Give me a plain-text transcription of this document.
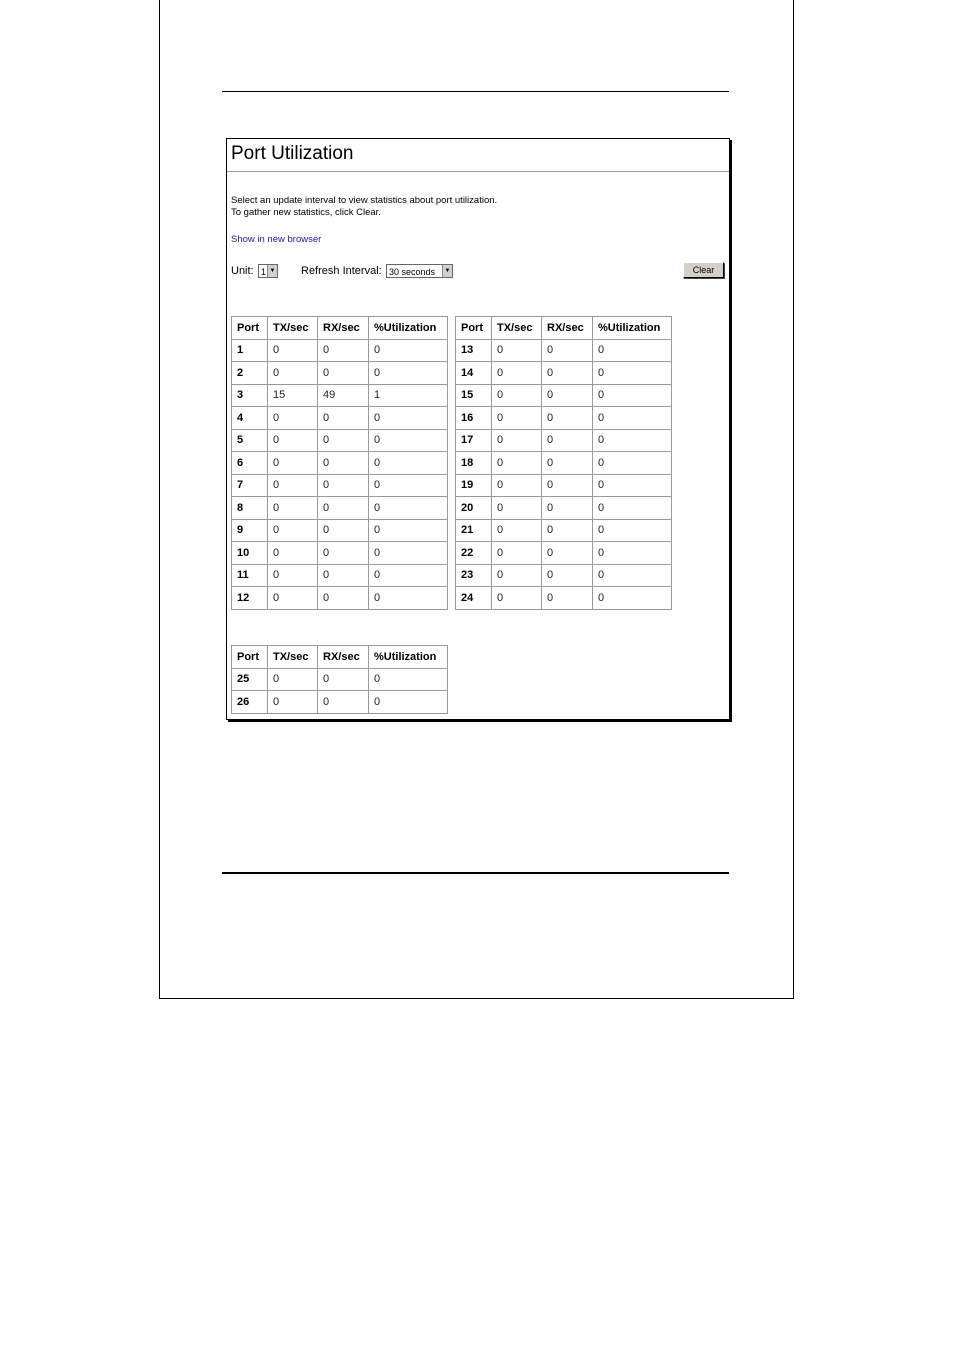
Port Utilization
Select an update interval to view statistics about port utilization.
To gather new statistics, click Clear.
Show in new browser
Unit: 1 ▼ Refresh Interval: 30 seconds	▼	Clear
Port	TX/sec	RX/sec	%Utilization
1	0	0	0
2	0	0	0
3	15	49	1
4	0	0	0
5	0	0	0
6	0	0	0
7	0	0	0
8	0	0	0
9	0	0	0
10	0	0	0
11	0	0	0
12	0	0	0
Port	TX/sec	RX/sec	%Utilization
13	0	0	0
14	0	0	0
15	0	0	0
16	0	0	0
17	0	0	0
18	0	0	0
19	0	0	0
20	0	0	0
21	0	0	0
22	0	0	0
23	0	0	0
24	0	0	0
Port	TX/sec	RX/sec	%Utilization
25	0	0	0
26	0	0	0
